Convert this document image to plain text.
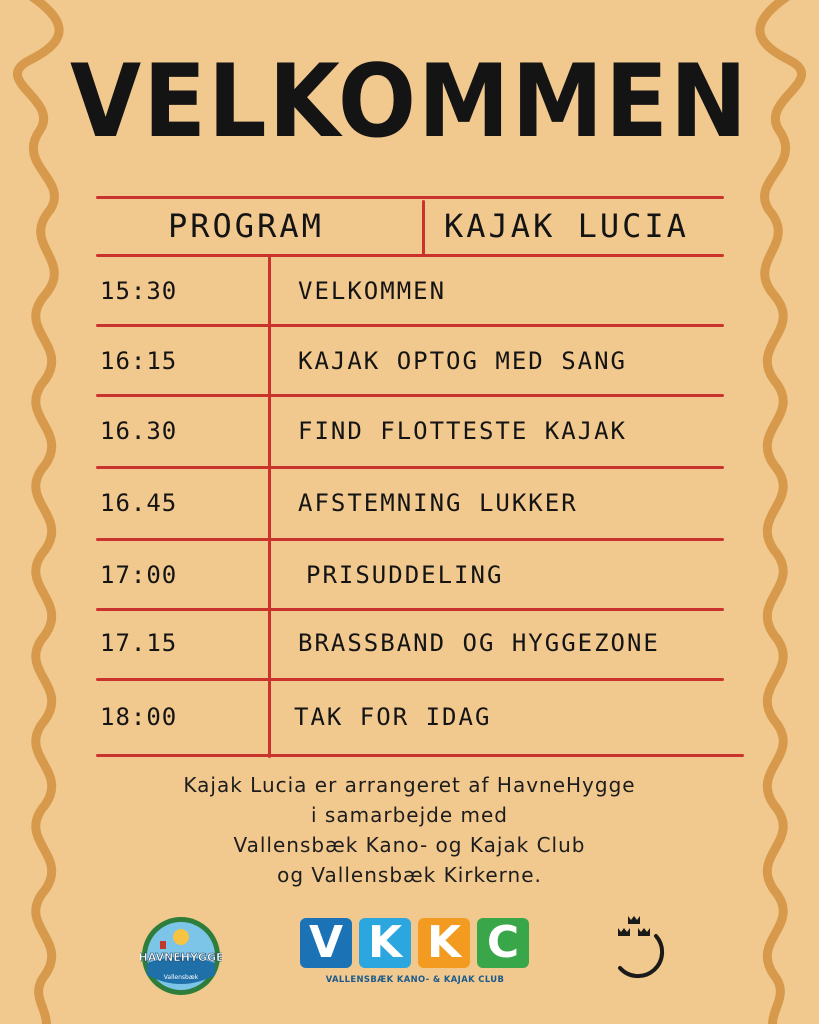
VELKOMMEN
PROGRAM	KAJAK LUCIA
15:30	VELKOMMEN
16:15	KAJAK OPTOG MED SANG
16.30	FIND FLOTTESTE KAJAK
16.45	AFSTEMNING LUKKER
17:00	PRISUDDELING
17.15	BRASSBAND OG HYGGEZONE
18:00	TAK FOR IDAG
Kajak Lucia er arrangeret af HavneHygge
i samarbejde med
Vallensbæk Kano- og Kajak Club
og Vallensbæk Kirkerne.
HAVNEHYGGE
Vallensbæk
V K K C
VALLENSBÆK KANO- & KAJAK CLUB
